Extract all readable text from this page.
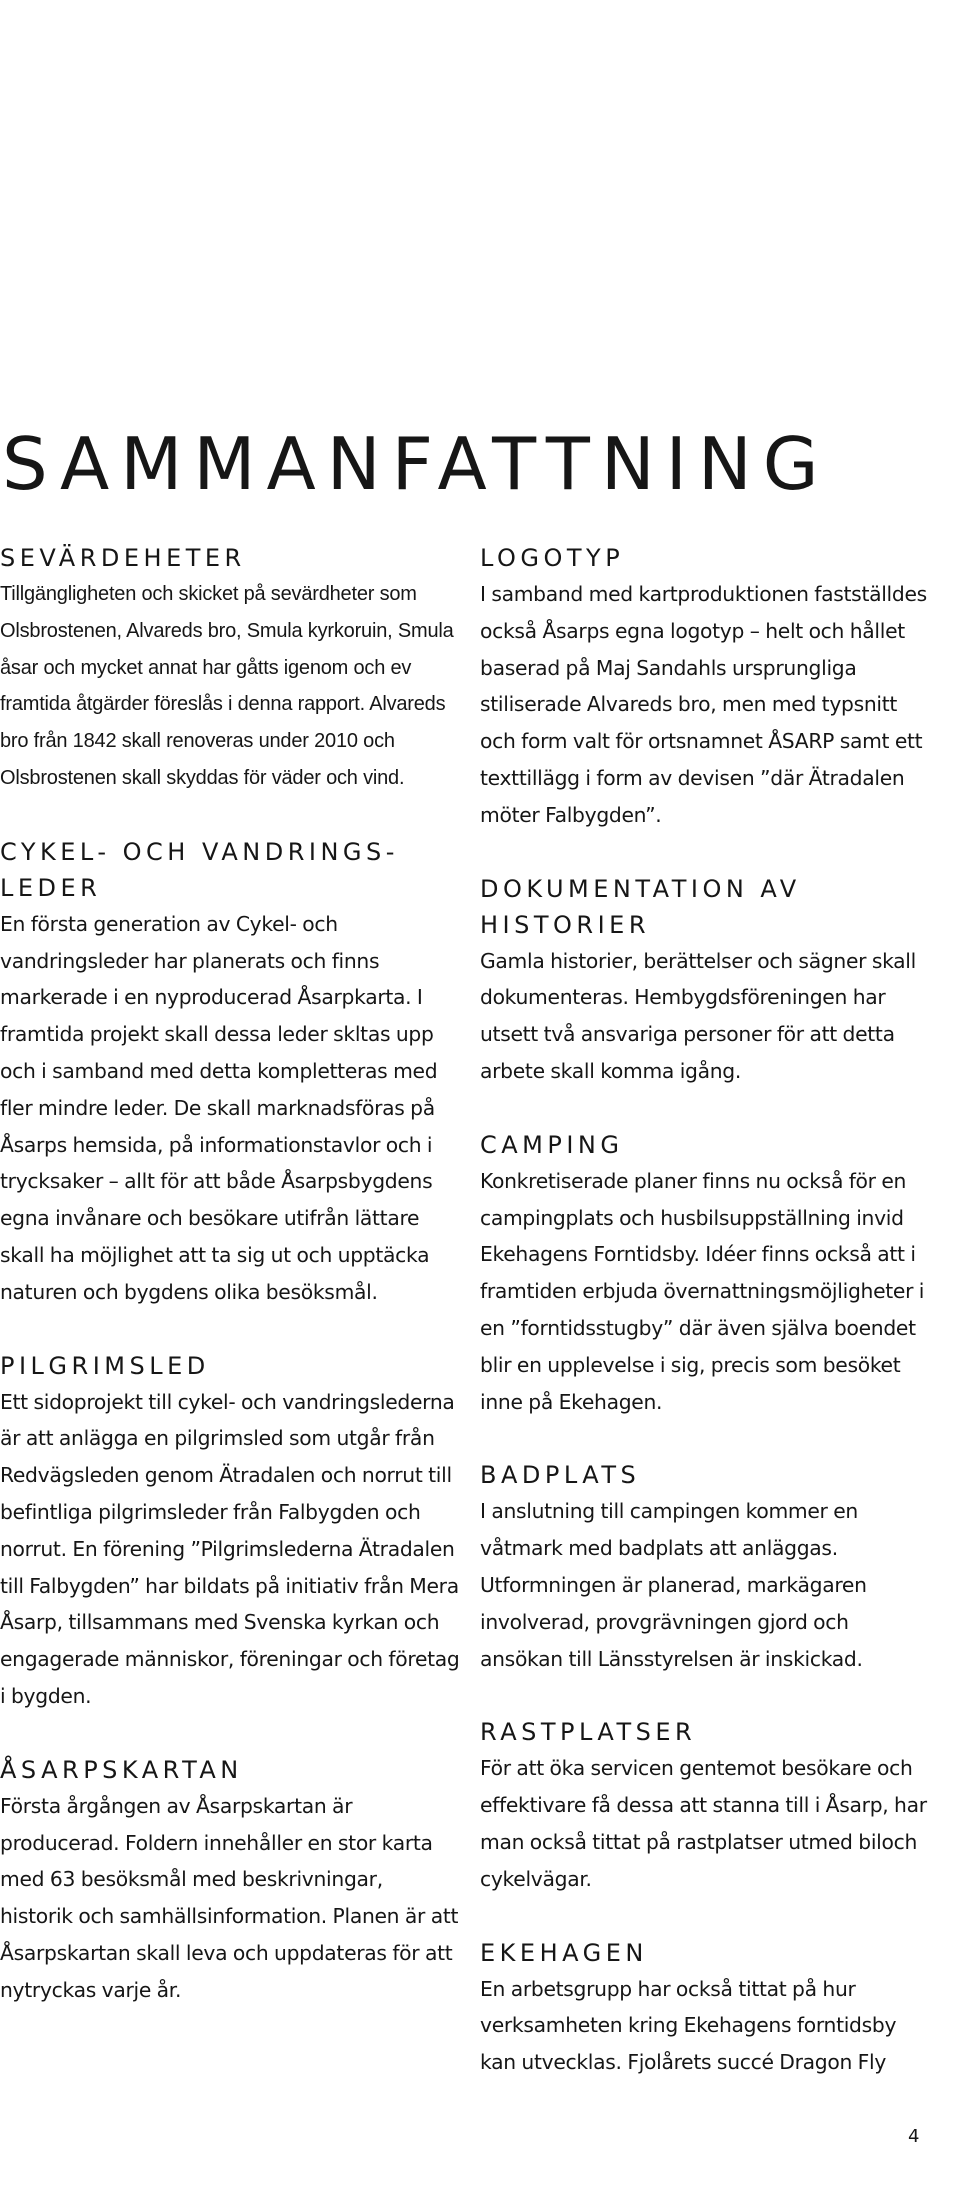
SAMMANFATTNING
SEVÄRDEHETER

Tillgängligheten och skicket på sevärdheter som Olsbrostenen, Alvareds bro, Smula kyrkoruin, Smula åsar och mycket annat har gåtts igenom och ev framtida åtgärder föreslås i denna rapport. Alvareds bro från 1842 skall renoveras under 2010 och Olsbrostenen skall skyddas för väder och vind.

CYKEL- OCH VANDRINGS-LEDER

En första generation av Cykel- och vandringsleder har planerats och finns markerade i en nyproducerad Åsarpkarta. I framtida projekt skall dessa leder skltas upp och i samband med detta kompletteras med fler mindre leder. De skall marknadsföras på Åsarps hemsida, på informationstavlor och i trycksaker – allt för att både Åsarpsbygdens egna invånare och besökare utifrån lättare skall ha möjlighet att ta sig ut och upptäcka naturen och bygdens olika besöksmål.

PILGRIMSLED

Ett sidoprojekt till cykel- och vandringslederna är att anlägga en pilgrimsled som utgår från Redvägsleden genom Ätradalen och norrut till befintliga pilgrimsleder från Falbygden och norrut. En förening ”Pilgrimslederna Ätradalen till Falbygden” har bildats på initiativ från Mera Åsarp, tillsammans med Svenska kyrkan och engagerade människor, föreningar och företag i bygden.

ÅSARPSKARTAN

Första årgången av Åsarpskartan är producerad. Foldern innehåller en stor karta med 63 besöksmål med beskrivningar, historik och samhällsinformation. Planen är att Åsarpskartan skall leva och uppdateras för att nytryckas varje år.

LOGOTYP

I samband med kartproduktionen fastställdes också Åsarps egna logotyp – helt och hållet baserad på Maj Sandahls ursprungliga stiliserade Alvareds bro, men med typsnitt och form valt för ortsnamnet ÅSARP samt ett texttillägg i form av devisen ”där Ätradalen möter Falbygden”.

DOKUMENTATION AV HISTORIER

Gamla historier, berättelser och sägner skall dokumenteras. Hembygdsföreningen har utsett två ansvariga personer för att detta arbete skall komma igång.

CAMPING

Konkretiserade planer finns nu också för en campingplats och husbilsuppställning invid Ekehagens Forntidsby. Idéer finns också att i framtiden erbjuda övernattningsmöjligheter i en ”forntidsstugby” där även själva boendet blir en upplevelse i sig, precis som besöket inne på Ekehagen.

BADPLATS

I anslutning till campingen kommer en våtmark med badplats att anläggas. Utformningen är planerad, markägaren involverad, provgrävningen gjord och ansökan till Länsstyrelsen är inskickad.

RASTPLATSER

För att öka servicen gentemot besökare och effektivare få dessa att stanna till i Åsarp, har man också tittat på rastplatser utmed biloch cykelvägar.

EKEHAGEN

En arbetsgrupp har också tittat på hur verksamheten kring Ekehagens forntidsby kan utvecklas. Fjolårets succé Dragon Fly

4
